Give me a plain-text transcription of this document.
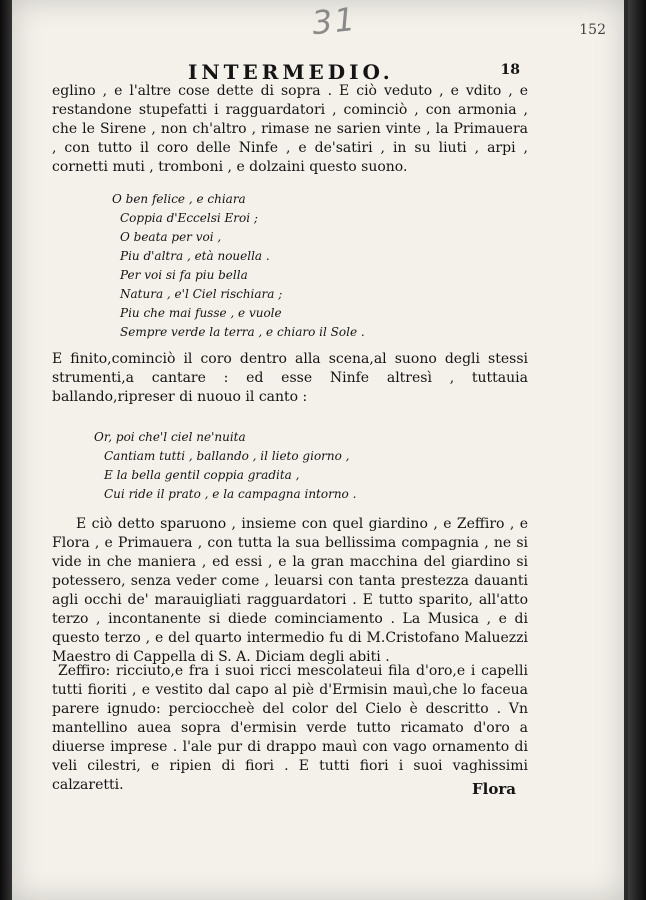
31	152
INTERMEDIO.	18
eglino , e l'altre cose dette di sopra . E ciò veduto , e vdito , e restandone stupefatti i ragguardatori , cominciò , con armonia , che le Sirene , non ch'altro , rimase ne sarien vinte , la Primauera , con tutto il coro delle Ninfe , e de'satiri , in su liuti , arpi , cornetti muti , tromboni , e dolzaini questo suono.
O ben felice , e chiara
Coppia d'Eccelsi Eroi ;
O beata per voi ,
Piu d'altra , età nouella .
Per voi si fa piu bella
Natura , e'l Ciel rischiara ;
Piu che mai fusse , e vuole
Sempre verde la terra , e chiaro il Sole .
E finito,cominciò il coro dentro alla scena,al suono degli stessi strumenti,a cantare : ed esse Ninfe altresì , tuttauia ballando,ripreser di nuouo il canto :
Or, poi che'l ciel ne'nuita
Cantiam tutti , ballando , il lieto giorno ,
E la bella gentil coppia gradita ,
Cui ride il prato , e la campagna intorno .
E ciò detto sparuono , insieme con quel giardino , e Zeffiro , e Flora , e Primauera , con tutta la sua bellissima compagnia , ne si vide in che maniera , ed essi , e la gran macchina del giardino si potessero, senza veder come , leuarsi con tanta prestezza dauanti agli occhi de' marauigliati ragguardatori . E tutto sparito, all'atto terzo , incontanente si diede cominciamento . La Musica , e di questo terzo , e del quarto intermedio fu di M.Cristofano Maluezzi Maestro di Cappella di S. A. Diciam degli abiti .
Zeffiro: ricciuto,e fra i suoi ricci mescolateui fila d'oro,e i capelli tutti fioriti , e vestito dal capo al piè d'Ermisin mauì,che lo faceua parere ignudo: percioccheè del color del Cielo è descritto . Vn mantellino auea sopra d'ermisin verde tutto ricamato d'oro a diuerse imprese . l'ale pur di drappo mauì con vago ornamento di veli cilestri, e ripien di fiori . E tutti fiori i suoi vaghissimi calzaretti.	Flora
